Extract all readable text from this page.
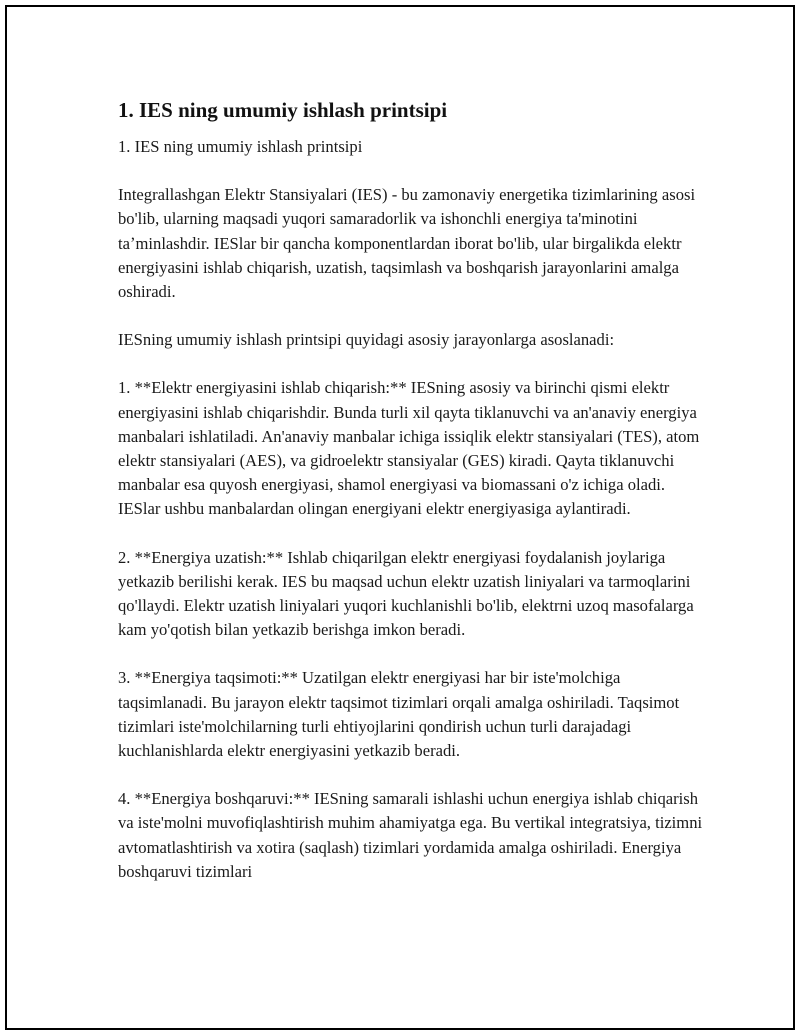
1. IES ning umumiy ishlash printsipi

1. IES ning umumiy ishlash printsipi

Integrallashgan Elektr Stansiyalari (IES) - bu zamonaviy energetika tizimlarining asosi bo'lib, ularning maqsadi yuqori samaradorlik va ishonchli energiya ta'minotini taʼminlashdir. IESlar bir qancha komponentlardan iborat bo'lib, ular birgalikda elektr energiyasini ishlab chiqarish, uzatish, taqsimlash va boshqarish jarayonlarini amalga oshiradi.

IESning umumiy ishlash printsipi quyidagi asosiy jarayonlarga asoslanadi:

1. **Elektr energiyasini ishlab chiqarish:** IESning asosiy va birinchi qismi elektr energiyasini ishlab chiqarishdir. Bunda turli xil qayta tiklanuvchi va an'anaviy energiya manbalari ishlatiladi. An'anaviy manbalar ichiga issiqlik elektr stansiyalari (TES), atom elektr stansiyalari (AES), va gidroelektr stansiyalar (GES) kiradi. Qayta tiklanuvchi manbalar esa quyosh energiyasi, shamol energiyasi va biomassani o'z ichiga oladi. IESlar ushbu manbalardan olingan energiyani elektr energiyasiga aylantiradi.

2. **Energiya uzatish:** Ishlab chiqarilgan elektr energiyasi foydalanish joylariga yetkazib berilishi kerak. IES bu maqsad uchun elektr uzatish liniyalari va tarmoqlarini qo'llaydi. Elektr uzatish liniyalari yuqori kuchlanishli bo'lib, elektrni uzoq masofalarga kam yo'qotish bilan yetkazib berishga imkon beradi.

3. **Energiya taqsimoti:** Uzatilgan elektr energiyasi har bir iste'molchiga taqsimlanadi. Bu jarayon elektr taqsimot tizimlari orqali amalga oshiriladi. Taqsimot tizimlari iste'molchilarning turli ehtiyojlarini qondirish uchun turli darajadagi kuchlanishlarda elektr energiyasini yetkazib beradi.

4. **Energiya boshqaruvi:** IESning samarali ishlashi uchun energiya ishlab chiqarish va iste'molni muvofiqlashtirish muhim ahamiyatga ega. Bu vertikal integratsiya, tizimni avtomatlashtirish va xotira (saqlash) tizimlari yordamida amalga oshiriladi. Energiya boshqaruvi tizimlari
